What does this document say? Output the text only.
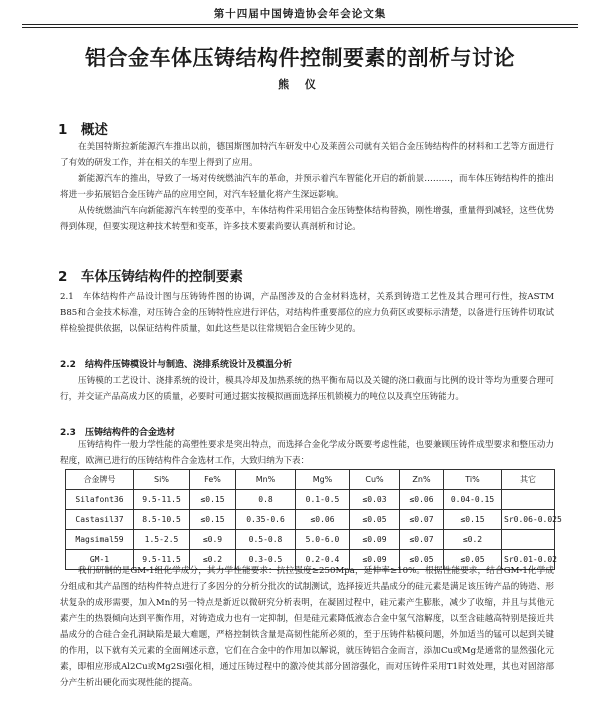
第十四届中国铸造协会年会论文集
铝合金车体压铸结构件控制要素的剖析与讨论
熊 仪
1　概述
在美国特斯拉新能源汽车推出以前，德国斯图加特汽车研发中心及莱茵公司就有关铝合金压铸结构件的材料和工艺等方面进行了有效的研发工作，并在相关的车型上得到了应用。
新能源汽车的推出，导致了一场对传统燃油汽车的革命，并预示着汽车智能化开启的新前景………，而车体压铸结构件的推出将进一步拓展铝合金压铸产品的应用空间，对汽车轻量化将产生深远影响。
从传统燃油汽车向新能源汽车转型的变革中，车体结构件采用铝合金压铸整体结构替换，刚性增强，重量得到减轻，这些优势得到体现，但要实现这种技术转型和变革，许多技术要素尚要认真剖析和讨论。
2　车体压铸结构件的控制要素
2.1　车体结构件产品设计图与压铸铸件图的协调，产品图涉及的合金材料选材，关系到铸造工艺性及其合理可行性，按ASTM B85和合金技术标准，对压铸合金的压铸特性应进行评估，对结构件重要部位的应力负荷区或要标示清楚，以备进行压铸件切取试样检验提供依据，以保证结构件质量，如此这些是以往常规铝合金压铸少见的。
2.2　结构件压铸模设计与制造、浇排系统设计及模温分析
压铸模的工艺设计、浇排系统的设计，模具冷却及加热系统的热平衡布局以及关键的浇口截面与比例的设计等均为重要合理可行，并交证产品高成力区的质量，必要时可通过据实按模拟画面选择压机锁模力的吨位以及真空压铸能力。
2.3　压铸结构件的合金选材
压铸结构件一般力学性能的高塑性要求是突出特点，而选择合金化学成分既要考虑性能，也要兼顾压铸件成型要求和整压动力程度，欧洲已进行的压铸结构件合金选材工作，大致归纳为下表：
合金牌号	Si%	Fe%	Mn%	Mg%	Cu%	Zn%	Ti%	其它
Silafont36	9.5-11.5	≤0.15	0.8	0.1-0.5	≤0.03	≤0.06	0.04-0.15	
Castasil37	8.5-10.5	≤0.15	0.35-0.6	≤0.06	≤0.05	≤0.07	≤0.15	Sr0.06-0.025
Magsimal59	1.5-2.5	≤0.9	0.5-0.8	5.0-6.0	≤0.09	≤0.07	≤0.2	
GM-1	9.5-11.5	≤0.2	0.3-0.5	0.2-0.4	≤0.09	≤0.05	≤0.05	Sr0.01-0.02
我们研制的是GM-1组化学成分，其力学性能要求：抗拉强度≥250Mpa，延伸率≥10%。根据性能要求，结合GM-1化学成分组成和其产品图的结构件特点进行了多因分的分析分批次的试制测试，选择接近共晶成分的硅元素是满足该压铸产品的铸造、形状复杂的成形需要，加入Mn的另一特点是新近以微研究分析表明，在凝固过程中，硅元素产生膨胀，减少了收缩，并且与其他元素产生的热裂倾向达到平衡作用，对铸造成力也有一定抑制，但是硅元素降低液态合金中氢气溶解度，以至含硅越高特别是接近共晶成分的合硅合金孔洞缺陷是最大难题，严格控制铁含量是高韧性能所必须的，至于压铸件粘模问题，外加适当的锰可以起到关键的作用，以下就有关元素的全面阐述示意，它们在合金中的作用加以解说，就压铸铝合金而言，添加Cu或Mg是通常的显然强化元素，即相应形成Al2Cu或Mg2Si强化相，通过压铸过程中的激冷使其部分固溶强化，而对压铸件采用T1时效处理，其也对固溶部分产生析出硬化而实现性能的提高。
